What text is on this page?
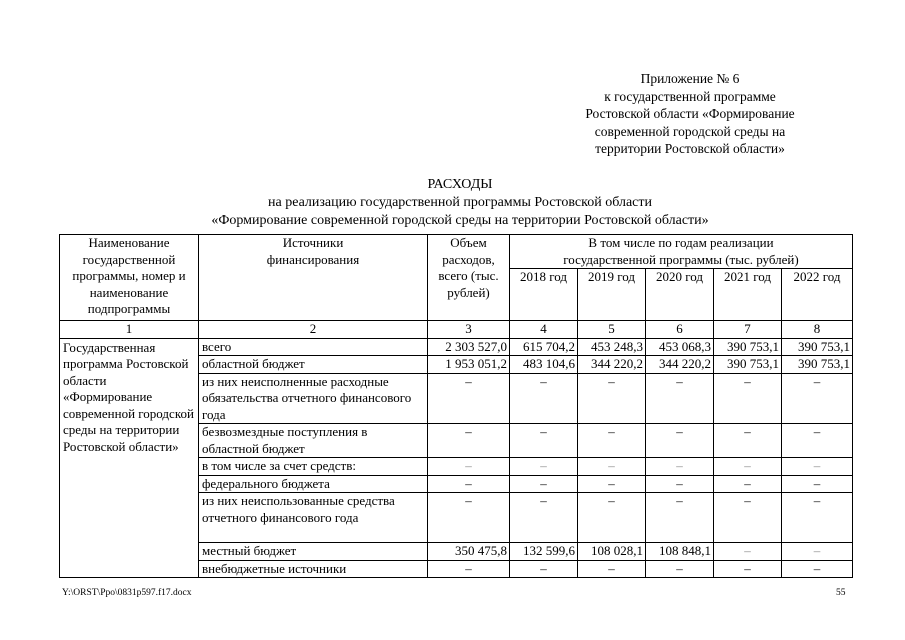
Приложение № 6
к государственной программе
Ростовской области «Формирование
современной городской среды на
территории Ростовской области»
РАСХОДЫ
на реализацию государственной программы Ростовской области
«Формирование современной городской среды на территории Ростовской области»
Наименование государственной программы, номер и наименование подпрограммы	Источники финансирования	Объем расходов, всего (тыс. рублей)	В том числе по годам реализации государственной программы (тыс. рублей)				
			2018 год	2019 год	2020 год	2021 год	2022 год
1	2	3	4	5	6	7	8
Государственная программа Ростовской области «Формирование современной городской среды на территории Ростовской области»	всего	2 303 527,0	615 704,2	453 248,3	453 068,3	390 753,1	390 753,1
	областной бюджет	1 953 051,2	483 104,6	344 220,2	344 220,2	390 753,1	390 753,1
	из них неисполненные расходные обязательства отчетного финансового года	–	–	–	–	–	–
	безвозмездные поступления в областной бюджет	–	–	–	–	–	–
	в том числе за счет средств:	–	–	–	–	–	–
	федерального бюджета	–	–	–	–	–	–
	из них неиспользованные средства отчетного финансового года	–	–	–	–	–	–
	местный бюджет	350 475,8	132 599,6	108 028,1	108 848,1	–	–
	внебюджетные источники	–	–	–	–	–	–
Y:\ORST\Ppo\0831p597.f17.docx	55
